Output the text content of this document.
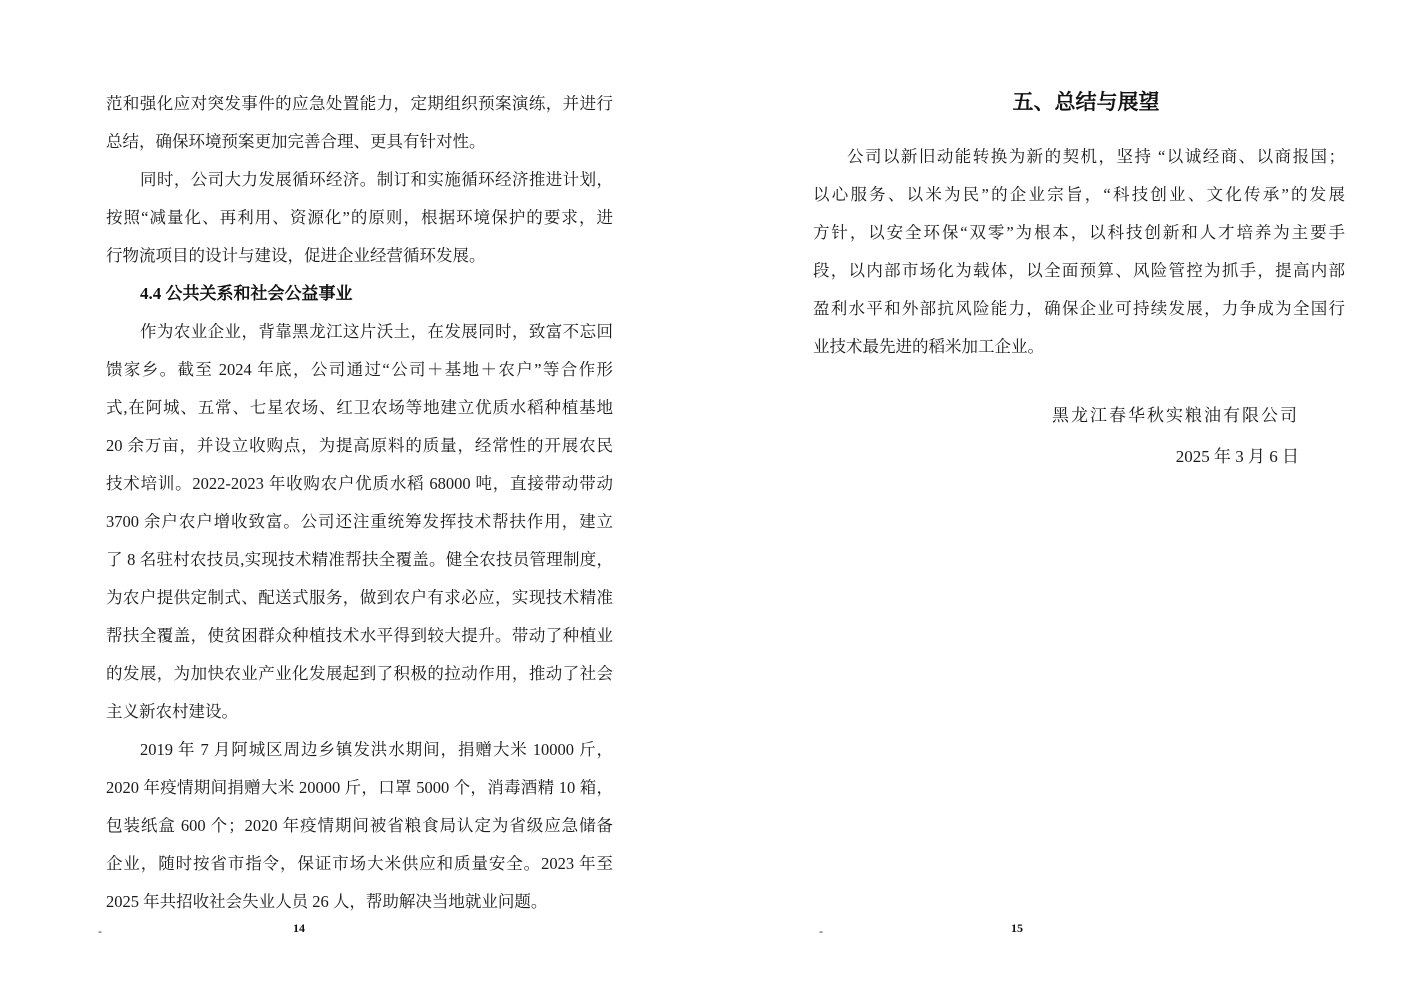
范和强化应对突发事件的应急处置能力，定期组织预案演练，并进行
总结，确保环境预案更加完善合理、更具有针对性。

同时，公司大力发展循环经济。制订和实施循环经济推进计划，
按照“减量化、再利用、资源化”的原则，根据环境保护的要求，进
行物流项目的设计与建设，促进企业经营循环发展。

4.4 公共关系和社会公益事业

作为农业企业，背靠黑龙江这片沃土，在发展同时，致富不忘回
馈家乡。截至 2024 年底，公司通过“公司＋基地＋农户”等合作形
式,在阿城、五常、七星农场、红卫农场等地建立优质水稻种植基地
20 余万亩，并设立收购点，为提高原料的质量，经常性的开展农民
技术培训。2022-2023 年收购农户优质水稻 68000 吨，直接带动带动
3700 余户农户增收致富。公司还注重统筹发挥技术帮扶作用，建立
了 8 名驻村农技员,实现技术精准帮扶全覆盖。健全农技员管理制度，
为农户提供定制式、配送式服务，做到农户有求必应，实现技术精准
帮扶全覆盖，使贫困群众种植技术水平得到较大提升。带动了种植业
的发展，为加快农业产业化发展起到了积极的拉动作用，推动了社会
主义新农村建设。

2019 年 7 月阿城区周边乡镇发洪水期间，捐赠大米 10000 斤，
2020 年疫情期间捐赠大米 20000 斤，口罩 5000 个，消毒酒精 10 箱，
包装纸盒 600 个；2020 年疫情期间被省粮食局认定为省级应急储备
企业，随时按省市指令，保证市场大米供应和质量安全。2023 年至
2025 年共招收社会失业人员 26 人，帮助解决当地就业问题。

-	14
五、总结与展望

公司以新旧动能转换为新的契机，坚持 “以诚经商、以商报国；
以心服务、以米为民”的企业宗旨，“科技创业、文化传承”的发展
方针，以安全环保“双零”为根本，以科技创新和人才培养为主要手
段，以内部市场化为载体，以全面预算、风险管控为抓手，提高内部
盈利水平和外部抗风险能力，确保企业可持续发展，力争成为全国行
业技术最先进的稻米加工企业。

黑龙江春华秋实粮油有限公司
2025 年 3 月 6 日
-	15
